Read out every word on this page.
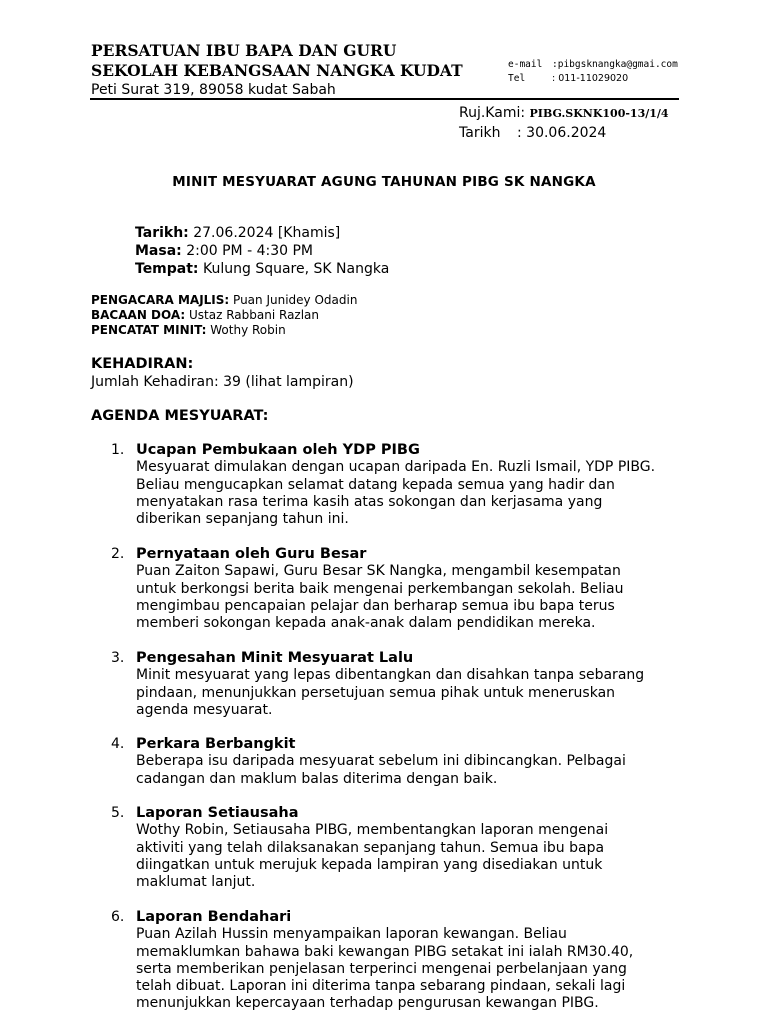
PERSATUAN IBU BAPA DAN GURU
SEKOLAH KEBANGSAAN NANGKA KUDAT
Peti Surat 319, 89058 kudat Sabah
e-mail :pibgsknangka@gmai.com
Tel	: 011-11029020
Ruj.Kami: PIBG.SKNK100-13/1/4
Tarikh : 30.06.2024
MINIT MESYUARAT AGUNG TAHUNAN PIBG SK NANGKA
Tarikh: 27.06.2024 [Khamis]
Masa: 2:00 PM - 4:30 PM
Tempat: Kulung Square, SK Nangka
PENGACARA MAJLIS: Puan Junidey Odadin
BACAAN DOA: Ustaz Rabbani Razlan
PENCATAT MINIT: Wothy Robin
KEHADIRAN:
Jumlah Kehadiran: 39 (lihat lampiran)
AGENDA MESYUARAT:
1. Ucapan Pembukaan oleh YDP PIBG
Mesyuarat dimulakan dengan ucapan daripada En. Ruzli Ismail, YDP PIBG.
Beliau mengucapkan selamat datang kepada semua yang hadir dan
menyatakan rasa terima kasih atas sokongan dan kerjasama yang
diberikan sepanjang tahun ini.
2. Pernyataan oleh Guru Besar
Puan Zaiton Sapawi, Guru Besar SK Nangka, mengambil kesempatan
untuk berkongsi berita baik mengenai perkembangan sekolah. Beliau
mengimbau pencapaian pelajar dan berharap semua ibu bapa terus
memberi sokongan kepada anak-anak dalam pendidikan mereka.
3. Pengesahan Minit Mesyuarat Lalu
Minit mesyuarat yang lepas dibentangkan dan disahkan tanpa sebarang
pindaan, menunjukkan persetujuan semua pihak untuk meneruskan
agenda mesyuarat.
4. Perkara Berbangkit
Beberapa isu daripada mesyuarat sebelum ini dibincangkan. Pelbagai
cadangan dan maklum balas diterima dengan baik.
5. Laporan Setiausaha
Wothy Robin, Setiausaha PIBG, membentangkan laporan mengenai
aktiviti yang telah dilaksanakan sepanjang tahun. Semua ibu bapa
diingatkan untuk merujuk kepada lampiran yang disediakan untuk
maklumat lanjut.
6. Laporan Bendahari
Puan Azilah Hussin menyampaikan laporan kewangan. Beliau
memaklumkan bahawa baki kewangan PIBG setakat ini ialah RM30.40,
serta memberikan penjelasan terperinci mengenai perbelanjaan yang
telah dibuat. Laporan ini diterima tanpa sebarang pindaan, sekali lagi
menunjukkan kepercayaan terhadap pengurusan kewangan PIBG.
